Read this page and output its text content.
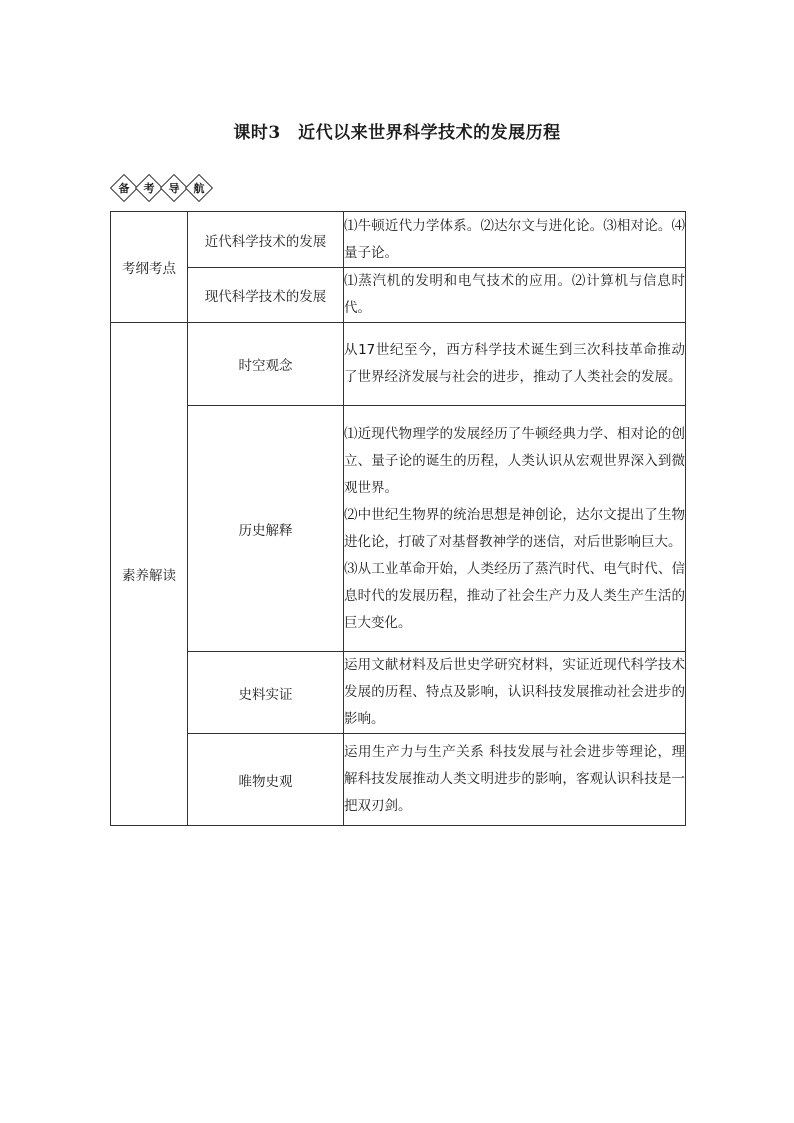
课时3　近代以来世界科学技术的发展历程
备 考 导 航
考纲考点	近代科学技术的发展	⑴牛顿近代力学体系。⑵达尔文与进化论。⑶相对论。⑷量子论。
	现代科学技术的发展	⑴蒸汽机的发明和电气技术的应用。⑵计算机与信息时代。
素养解读	时空观念	从17世纪至今，西方科学技术诞生到三次科技革命推动了世界经济发展与社会的进步，推动了人类社会的发展。

	历史解释	⑴近现代物理学的发展经历了牛顿经典力学、相对论的创立、量子论的诞生的历程，人类认识从宏观世界深入到微观世界。
⑵中世纪生物界的统治思想是神创论，达尔文提出了生物进化论，打破了对基督教神学的迷信，对后世影响巨大。
⑶从工业革命开始，人类经历了蒸汽时代、电气时代、信息时代的发展历程，推动了社会生产力及人类生产生活的巨大变化。

	史料实证	运用文献材料及后世史学研究材料，实证近现代科学技术发展的历程、特点及影响，认识科技发展推动社会进步的影响。

	唯物史观	运用生产力与生产关系 科技发展与社会进步等理论，理解科技发展推动人类文明进步的影响，客观认识科技是一把双刃剑。
